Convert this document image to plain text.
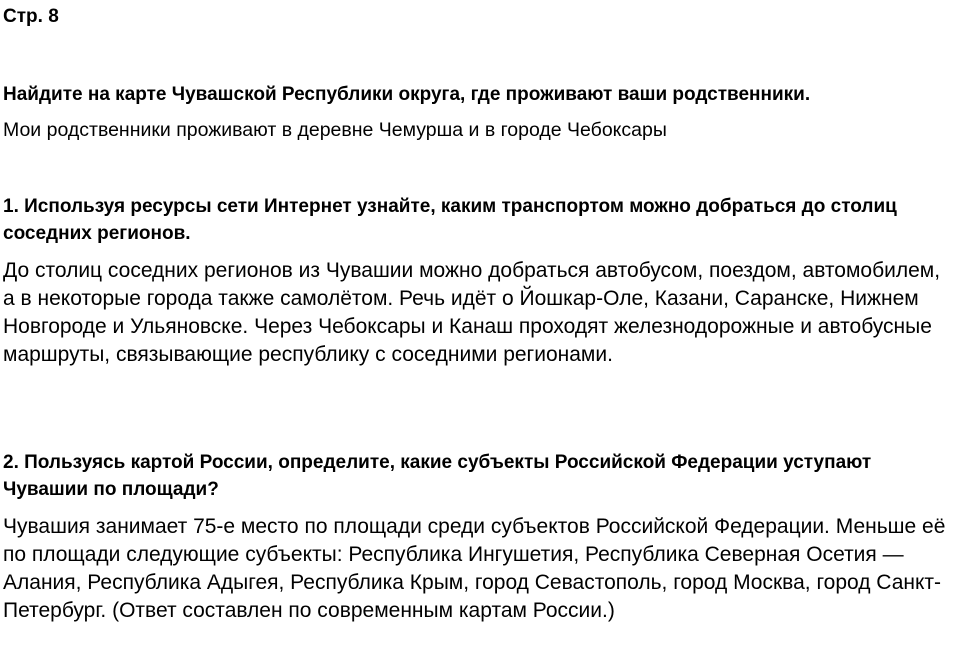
Стр. 8

Найдите на карте Чувашской Республики округа, где проживают ваши родственники.

Мои родственники проживают в деревне Чемурша и в городе Чебоксары

1. Используя ресурсы сети Интернет узнайте, каким транспортом можно добраться до столиц соседних регионов.

До столиц соседних регионов из Чувашии можно добраться автобусом, поездом, автомобилем, а в некоторые города также самолётом. Речь идёт о Йошкар-Оле, Казани, Саранске, Нижнем Новгороде и Ульяновске. Через Чебоксары и Канаш проходят железнодорожные и автобусные маршруты, связывающие республику с соседними регионами.

2. Пользуясь картой России, определите, какие субъекты Российской Федерации уступают Чувашии по площади?

Чувашия занимает 75-е место по площади среди субъектов Российской Федерации. Меньше её по площади следующие субъекты: Республика Ингушетия, Республика Северная Осетия — Алания, Республика Адыгея, Республика Крым, город Севастополь, город Москва, город Санкт-Петербург. (Ответ составлен по современным картам России.)
